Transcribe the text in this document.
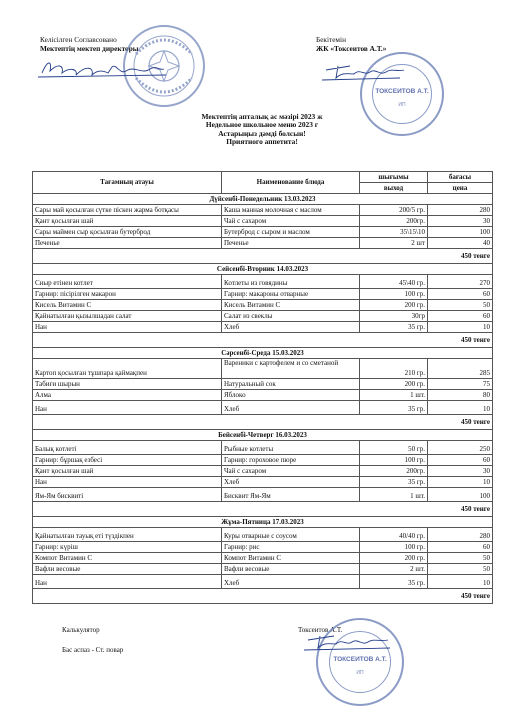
Келісілген Соглавсовано
Мектептің мектеп директоры
Бекітемін
ЖК «Токсеитов А.Т.»
ТОКСЕИТОВ А.Т.
ИП
Мектептің апталық ас мәзірі 2023 ж
Недельное школьное меню 2023 г
Астарыңыз дәмді болсын!
Приятного аппетита!
Тағамның атауы	Наименование блюда	шығымы	бағасы
		выход	цена
Дүйсенбі-Понедельник 13.03.2023			
Сары май қосылған сүтке піскен жарма ботқасы	Каша манная молочная с маслом	200/5 гр.	280
Қант қосылған шай	Чай с сахаром	200гр.	30
Сары маймен сыр қосылған бутерброд	Бутерброд с сыром и маслом	35\15\10	100
Печенье	Печенье	2 шт	40
450 тенге			
Сейсенбі-Вторник 14.03.2023			
Сиыр етінен котлет	Котлеты из говядины	45\40 гр.	270
Гарнир: пісірілген макарон	Гарнир: макароны отварные	100 гр.	60
Кисель Витамин С	Кисель Витамин С	200 гр.	50
Қайнатылған қызылшадан салат	Салат из свеклы	30гр	60
Нан	Хлеб	35 гр.	10
450 тенге			
Сәрсенбі-Среда 15.03.2023			
Картоп қосылған тұшпара қаймақпен	Вареники с картофелем и со сметаной	210 гр.	285
Табиғи шырын	Натуральный сок	200 гр.	75
Алма	Яблоко	1 шт.	80
Нан	Хлеб	35 гр.	10
450 тенге			
Бейсенбі-Четверг 16.03.2023			
Балық котлеті	Рыбные котлеты	50 гр.	250
Гарнир: бұршақ езбесі	Гарнир: гороховое пюре	100 гр.	60
Қант қосылған шай	Чай с сахаром	200гр.	30
Нан	Хлеб	35 гр.	10
Ям-Ям бисквиті	Бисквит Ям-Ям	1 шт.	100
450 тенге			
Жұма-Пятница 17.03.2023			
Қайнатылған тауық еті түздікпен	Куры отварные с соусом	40/40 гр.	280
Гарнир: күріш	Гарнир: рис	100 гр.	60
Компот Витамин С	Компот Витамин С	200 гр.	50
Вафли весовые	Вафли весовые	2 шт.	50
Нан	Хлеб	35 гр.	10
450 тенге			
Калькулятор
Бас аспаз - Ст. повар
Токсеитов А.Т.
ТОКСЕИТОВ А.Т.
ИП
